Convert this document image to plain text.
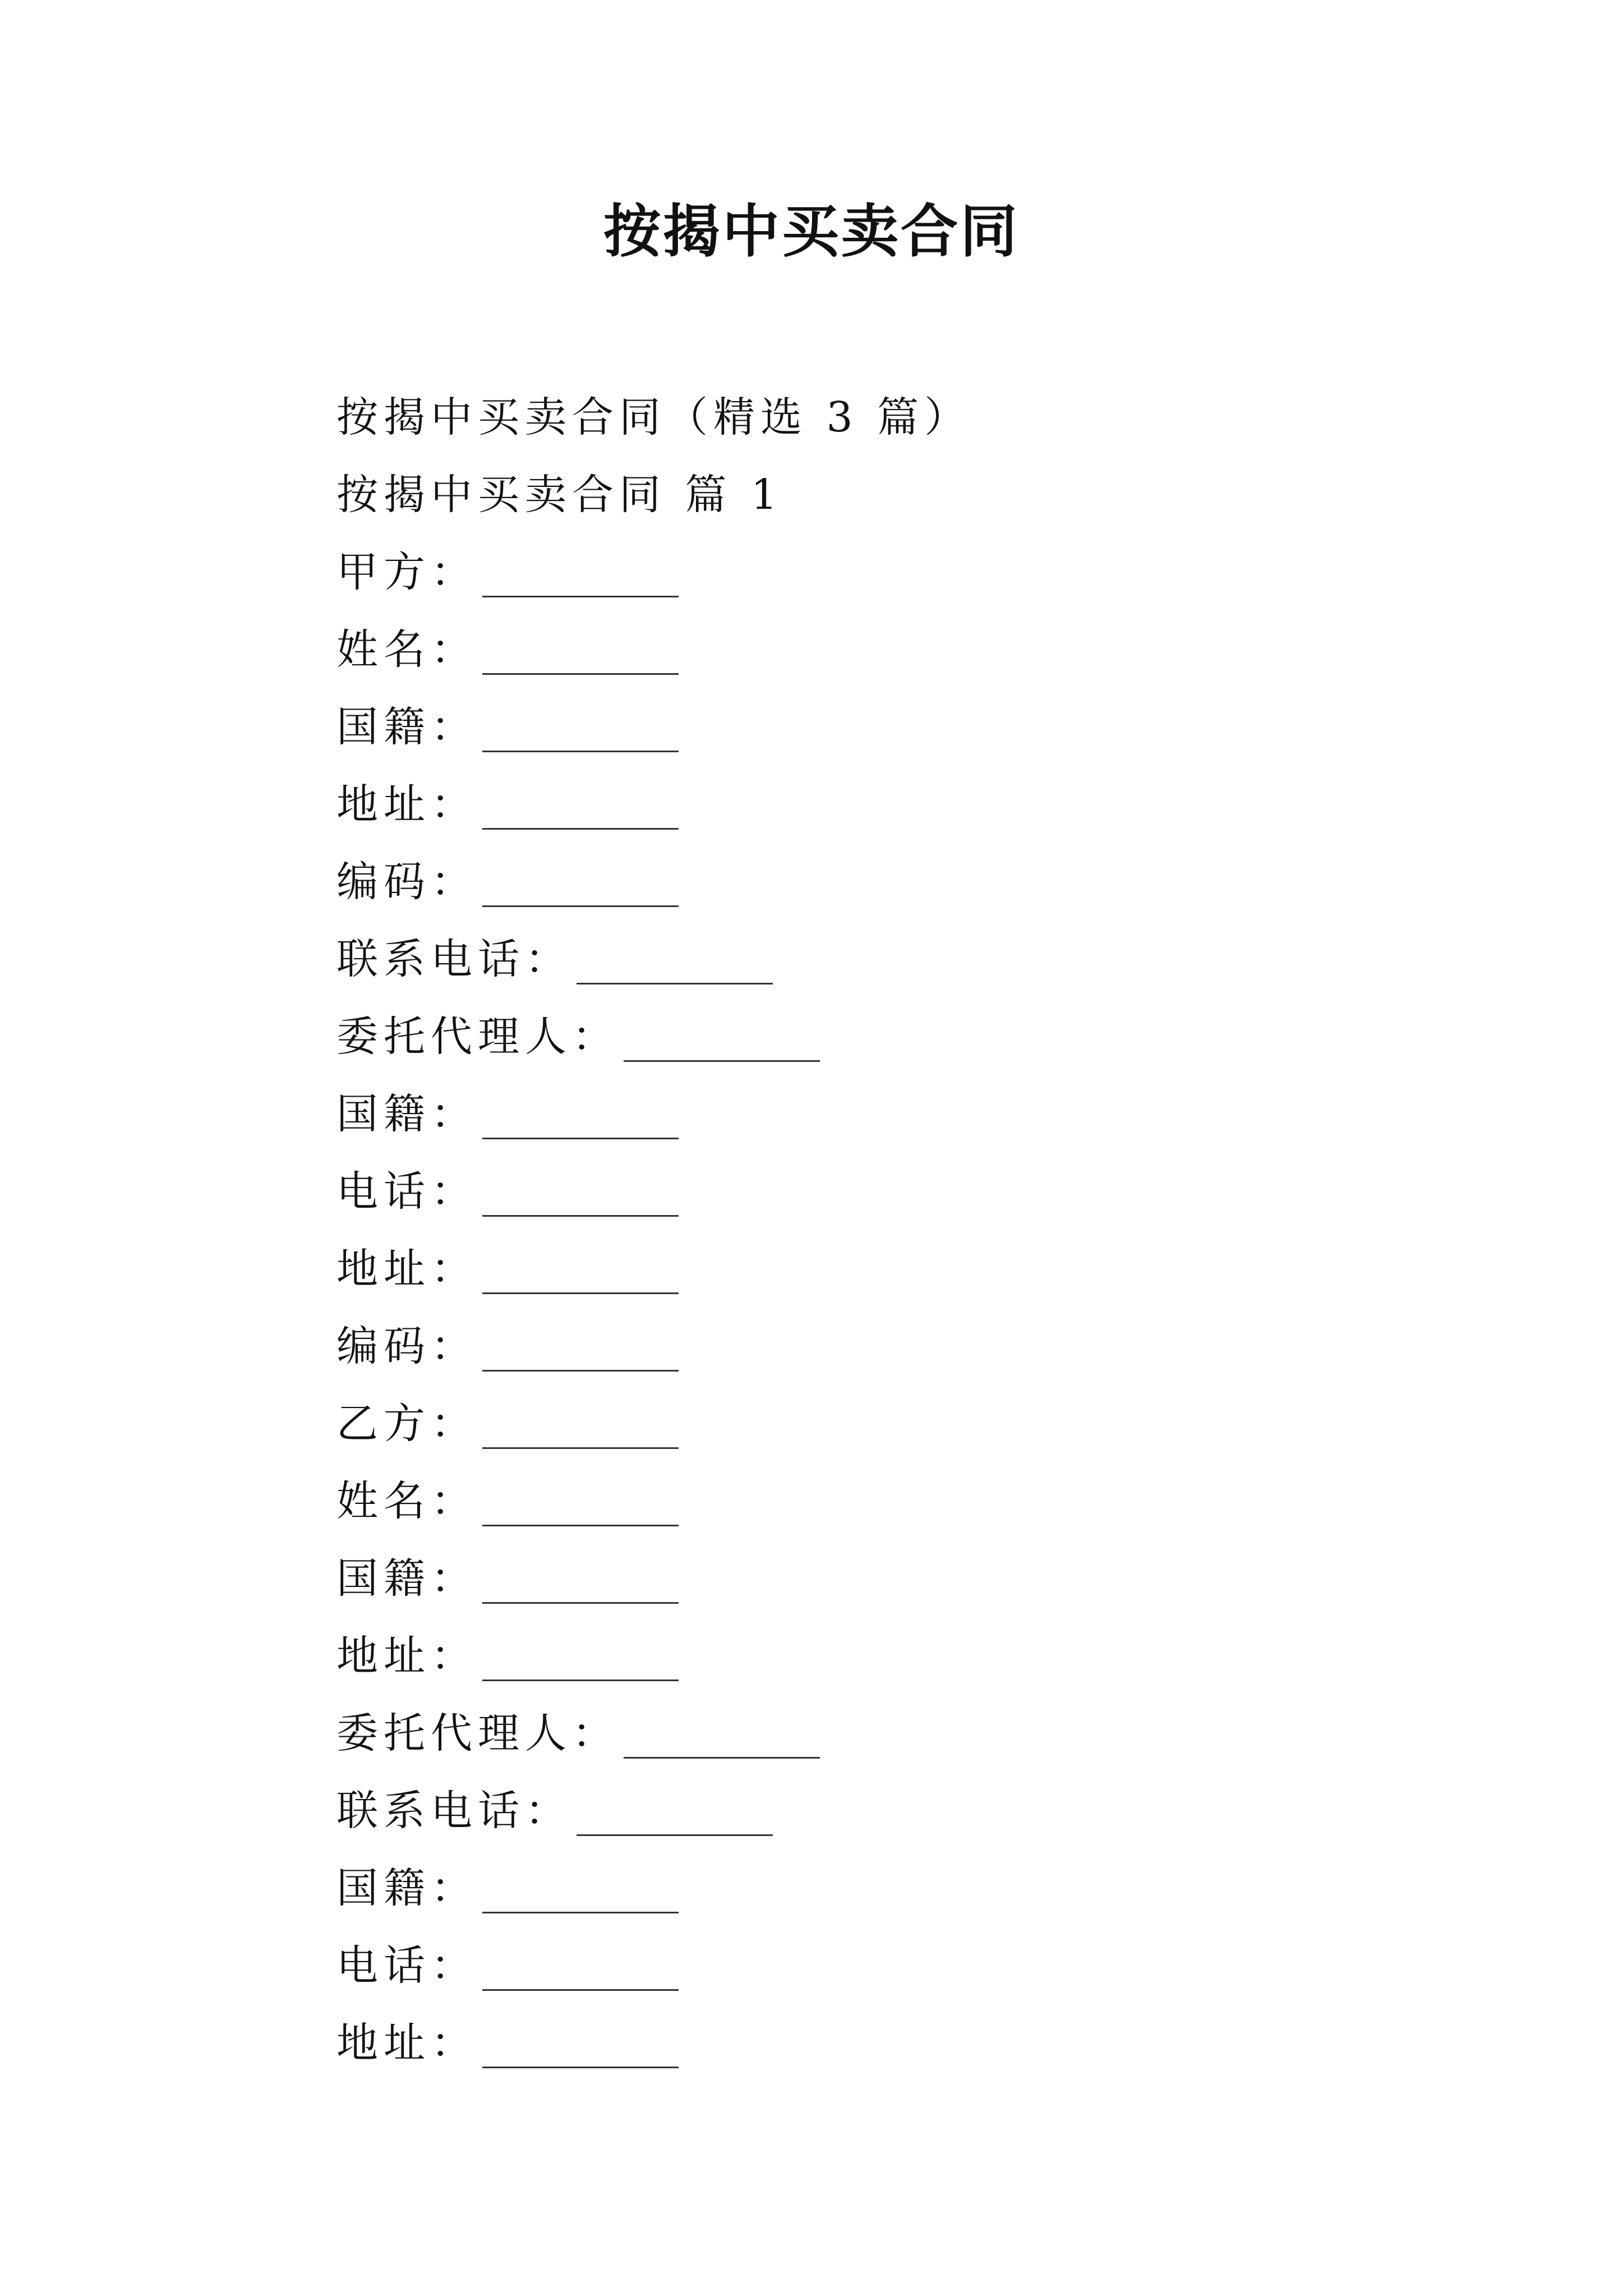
按揭中买卖合同
按揭中买卖合同（精选 3 篇）
按揭中买卖合同 篇 1
甲方：
姓名：
国籍：
地址：
编码：
联系电话：
委托代理人：
国籍：
电话：
地址：
编码：
乙方：
姓名：
国籍：
地址：
委托代理人：
联系电话：
国籍：
电话：
地址：
